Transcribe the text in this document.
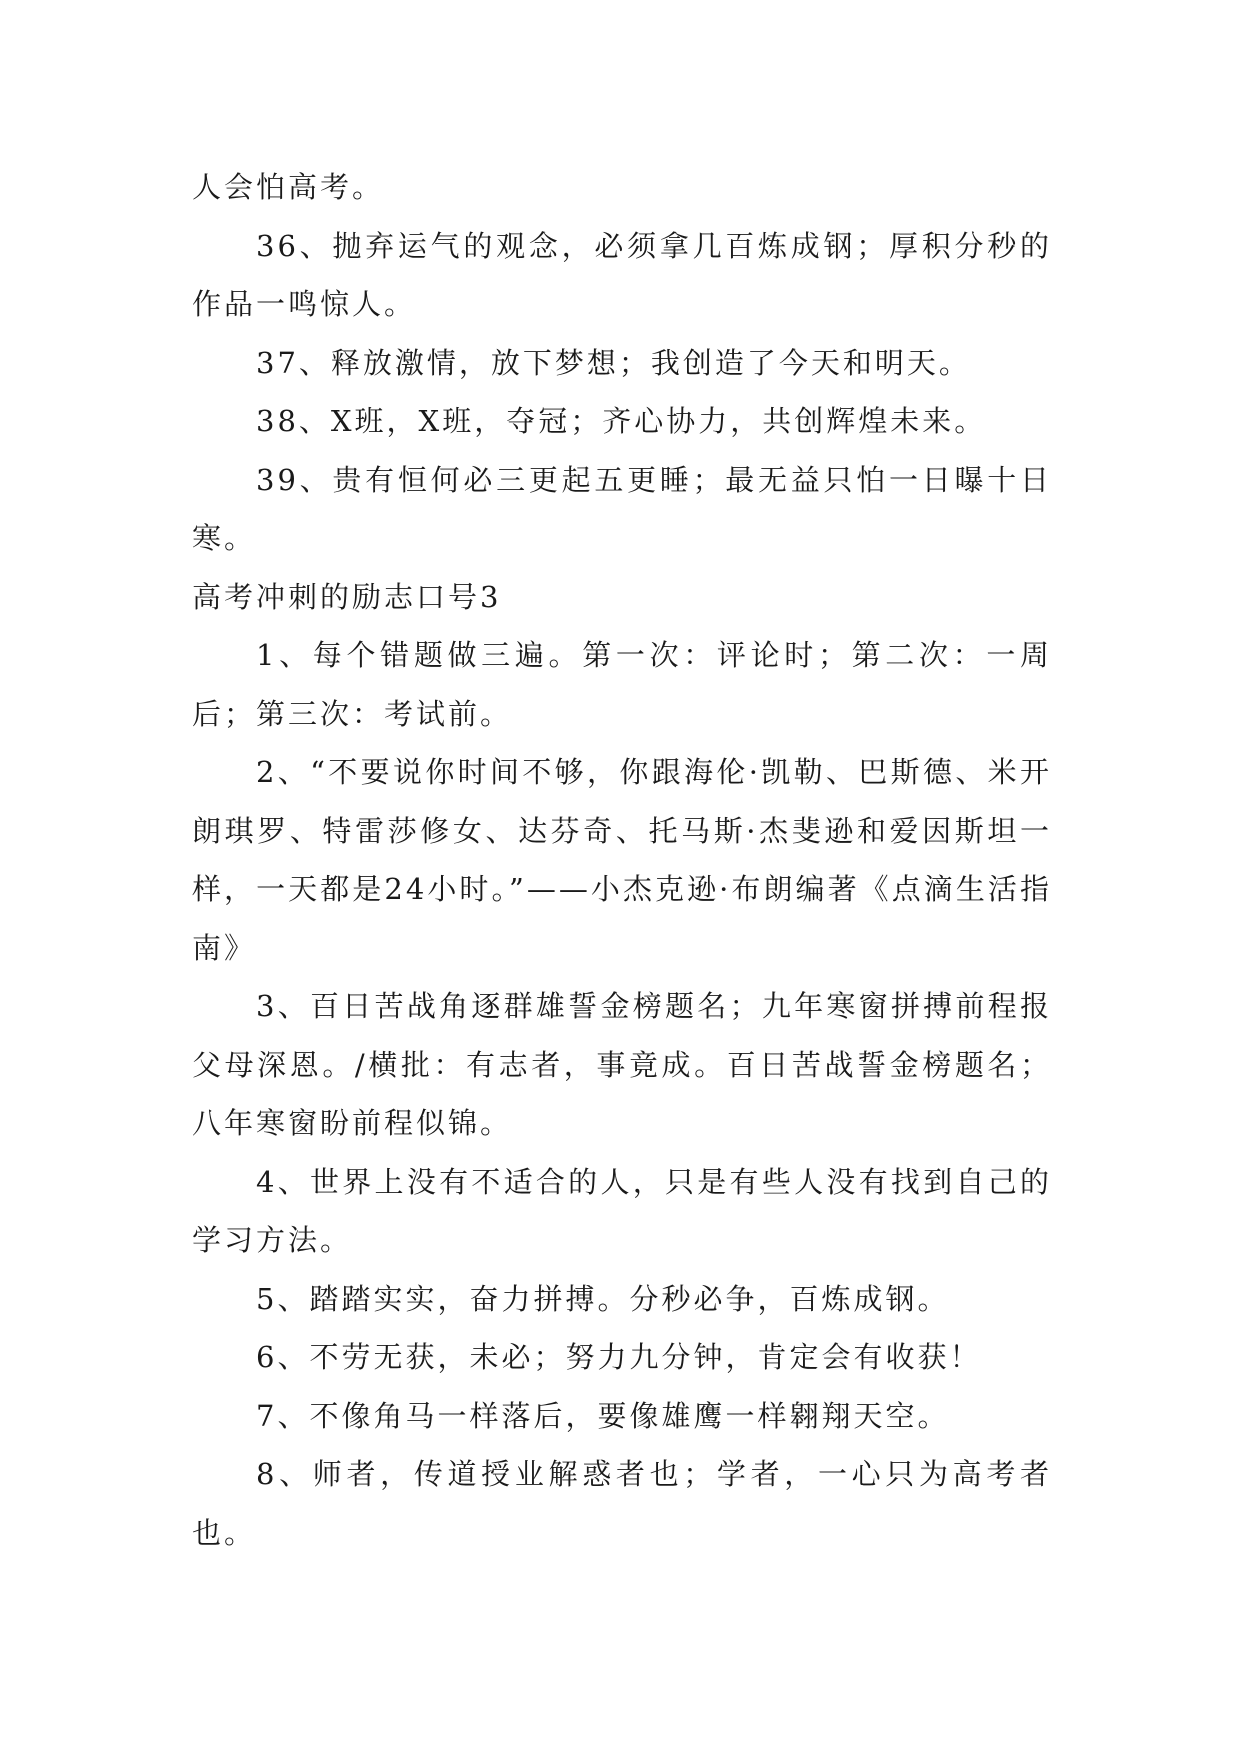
人会怕高考。

36、抛弃运气的观念，必须拿几百炼成钢；厚积分秒的作品一鸣惊人。

37、释放激情，放下梦想；我创造了今天和明天。

38、X班，X班，夺冠；齐心协力，共创辉煌未来。

39、贵有恒何必三更起五更睡；最无益只怕一日曝十日寒。

高考冲刺的励志口号3

1、每个错题做三遍。第一次：评论时；第二次：一周后；第三次：考试前。

2、“不要说你时间不够，你跟海伦·凯勒、巴斯德、米开朗琪罗、特雷莎修女、达芬奇、托马斯·杰斐逊和爱因斯坦一样，一天都是24小时。”——小杰克逊·布朗编著《点滴生活指南》

3、百日苦战角逐群雄誓金榜题名；九年寒窗拼搏前程报父母深恩。/横批：有志者，事竟成。百日苦战誓金榜题名；八年寒窗盼前程似锦。

4、世界上没有不适合的人，只是有些人没有找到自己的学习方法。

5、踏踏实实，奋力拼搏。分秒必争，百炼成钢。

6、不劳无获，未必；努力九分钟，肯定会有收获！

7、不像角马一样落后，要像雄鹰一样翱翔天空。

8、师者，传道授业解惑者也；学者，一心只为高考者也。
